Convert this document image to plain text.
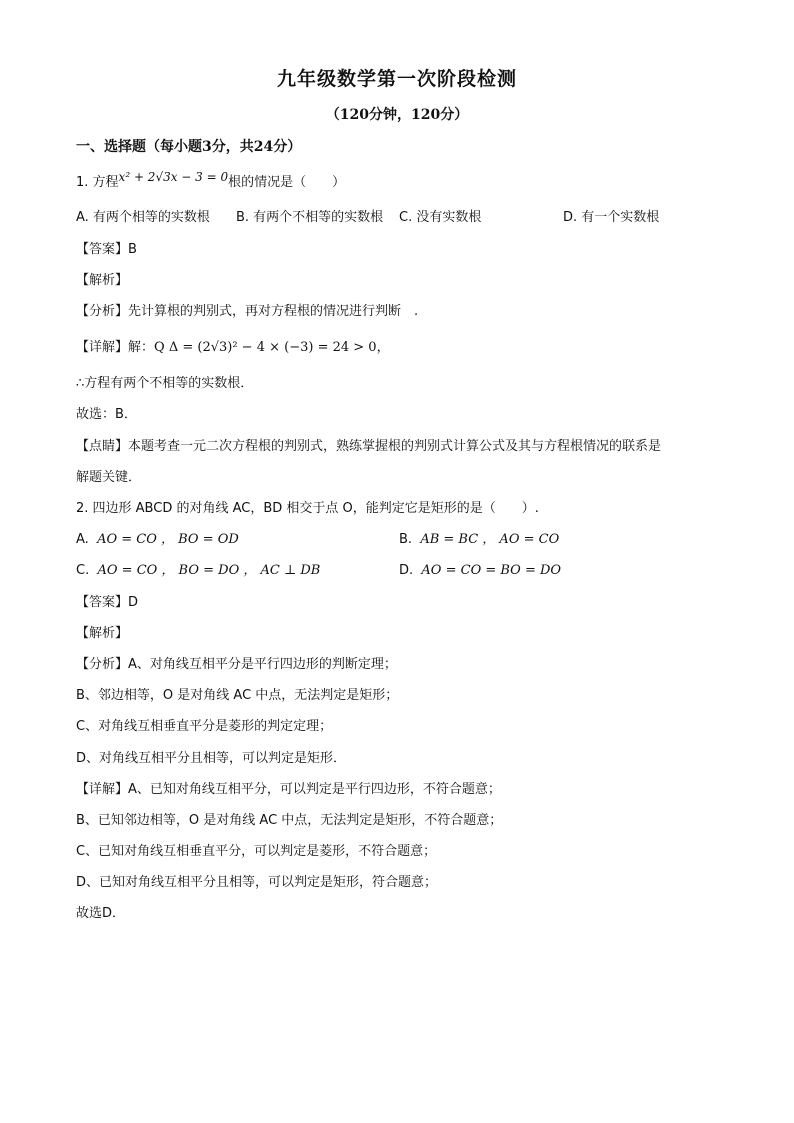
九年级数学第一次阶段检测
（120分钟，120分）
一、选择题（每小题3分，共24分）
1. 方程x² + 2√3x − 3 = 0根的情况是（　　）
A. 有两个相等的实数根 B. 有两个不相等的实数根 C. 没有实数根	D. 有一个实数根
【答案】B
【解析】
【分析】先计算根的判别式，再对方程根的情况进行判断　.
【详解】解：Q Δ = (2√3)² − 4 × (−3) = 24 > 0，
∴方程有两个不相等的实数根．
故选：B．
【点睛】本题考查一元二次方程根的判别式，熟练掌握根的判别式计算公式及其与方程根情况的联系是
解题关键．
2. 四边形 ABCD 的对角线 AC，BD 相交于点 O，能判定它是矩形的是（　　）.
A. AO = CO ， BO = OD	B. AB = BC ， AO = CO
C. AO = CO ， BO = DO ， AC ⊥ DB	D. AO = CO = BO = DO
【答案】D
【解析】
【分析】A、对角线互相平分是平行四边形的判断定理；
B、邻边相等，O 是对角线 AC 中点，无法判定是矩形；
C、对角线互相垂直平分是菱形的判定定理；
D、对角线互相平分且相等，可以判定是矩形．
【详解】A、已知对角线互相平分，可以判定是平行四边形，不符合题意；
B、已知邻边相等，O 是对角线 AC 中点，无法判定是矩形，不符合题意；
C、已知对角线互相垂直平分，可以判定是菱形，不符合题意；
D、已知对角线互相平分且相等，可以判定是矩形，符合题意；
故选D．
